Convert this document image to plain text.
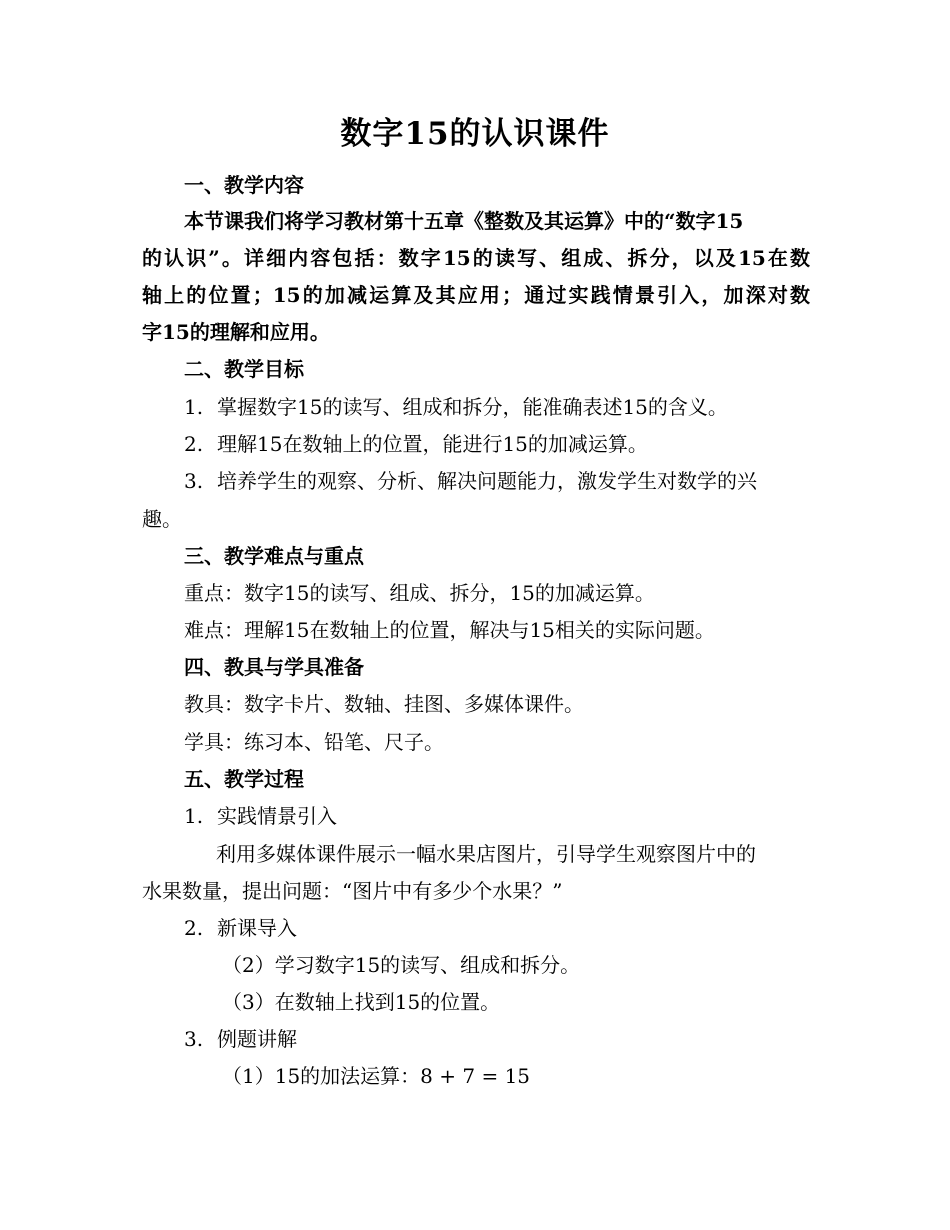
数字15的认识课件
一、教学内容
本节课我们将学习教材第十五章《整数及其运算》中的“数字15
的认识”。详细内容包括：数字15的读写、组成、拆分，以及15在数
轴上的位置；15的加减运算及其应用；通过实践情景引入，加深对数
字15的理解和应用。
二、教学目标
1. 掌握数字15的读写、组成和拆分，能准确表述15的含义。
2. 理解15在数轴上的位置，能进行15的加减运算。
3. 培养学生的观察、分析、解决问题能力，激发学生对数学的兴
趣。
三、教学难点与重点
重点：数字15的读写、组成、拆分，15的加减运算。
难点：理解15在数轴上的位置，解决与15相关的实际问题。
四、教具与学具准备
教具：数字卡片、数轴、挂图、多媒体课件。
学具：练习本、铅笔、尺子。
五、教学过程
1. 实践情景引入
利用多媒体课件展示一幅水果店图片，引导学生观察图片中的
水果数量，提出问题：“图片中有多少个水果？”
2. 新课导入
（2）学习数字15的读写、组成和拆分。
（3）在数轴上找到15的位置。
3. 例题讲解
（1）15的加法运算：8 + 7 = 15
